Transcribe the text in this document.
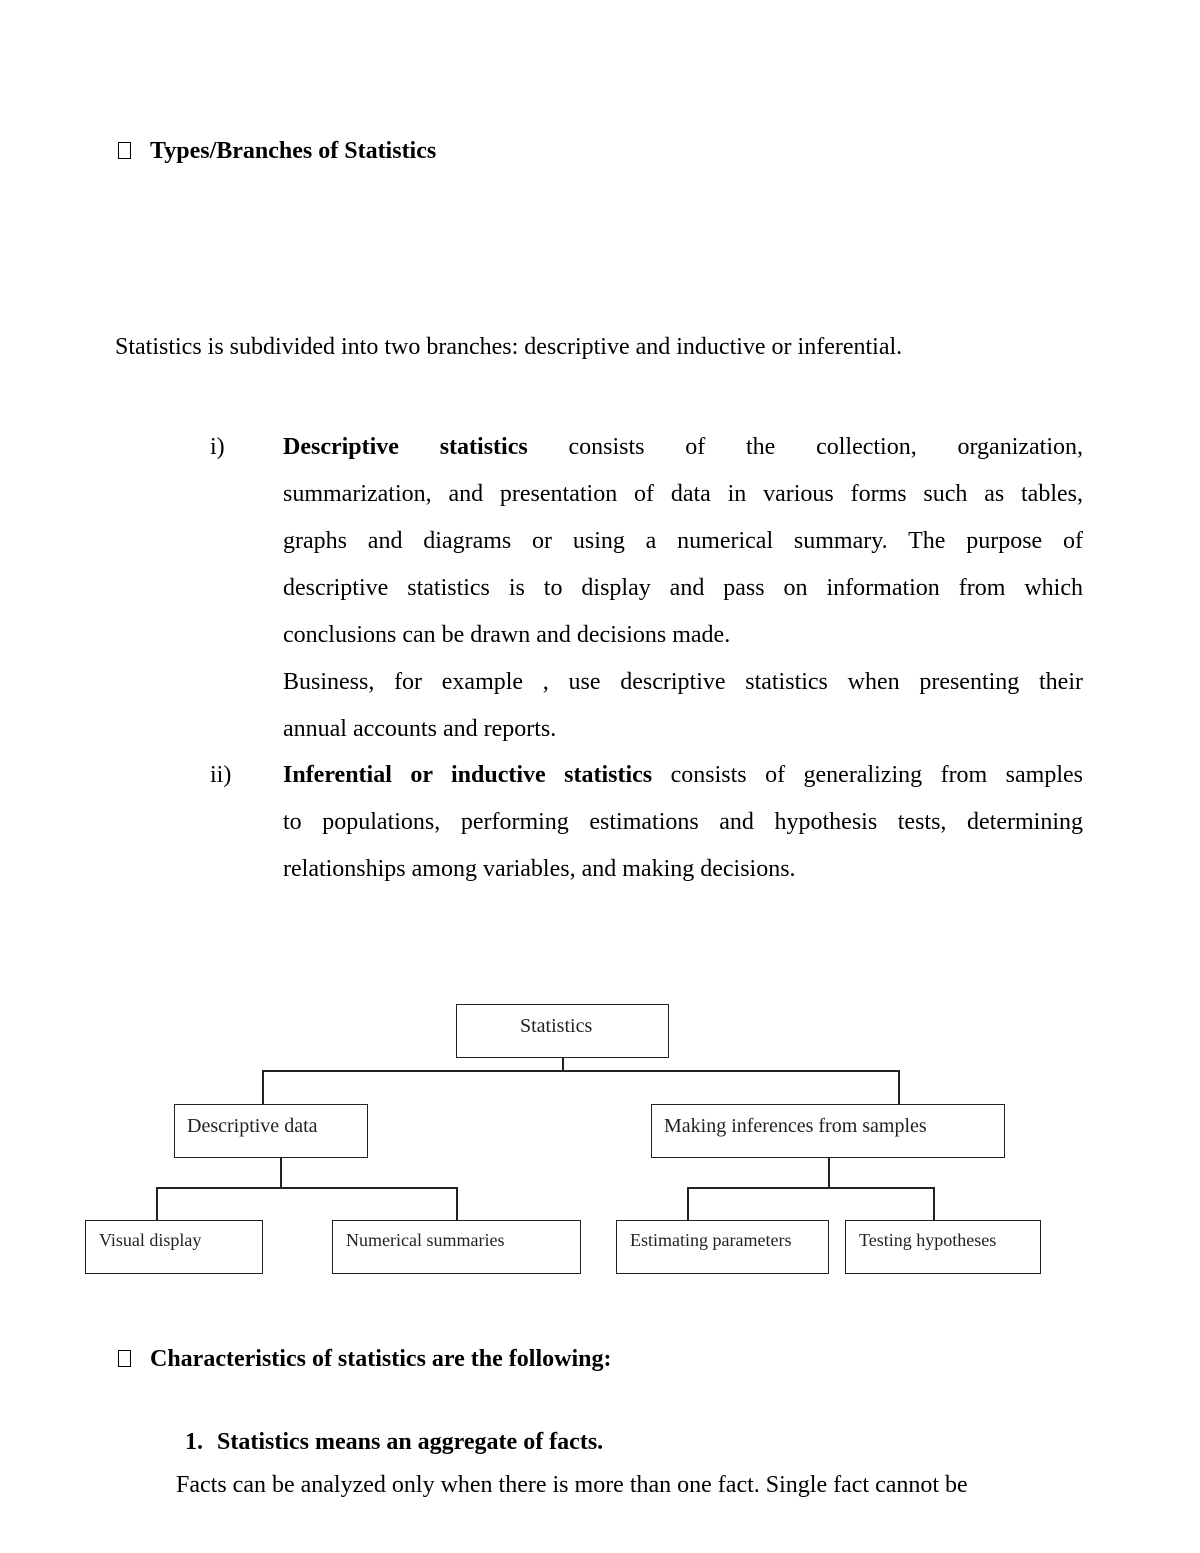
Types/Branches of Statistics
Statistics is subdivided into two branches: descriptive and inductive or inferential.
i) Descriptive statistics consists of the collection, organization,
summarization, and presentation of data in various forms such as tables,
graphs and diagrams or using a numerical summary. The purpose of
descriptive statistics is to display and pass on information from which
conclusions can be drawn and decisions made.
Business, for example , use descriptive statistics when presenting their
annual accounts and reports.
ii) Inferential or inductive statistics consists of generalizing from samples
to populations, performing estimations and hypothesis tests, determining
relationships among variables, and making decisions.
Statistics
Descriptive data	Making inferences from samples
Visual display	Numerical summaries	Estimating parameters	Testing hypotheses
Characteristics of statistics are the following:
1. Statistics means an aggregate of facts.
Facts can be analyzed only when there is more than one fact. Single fact cannot be
